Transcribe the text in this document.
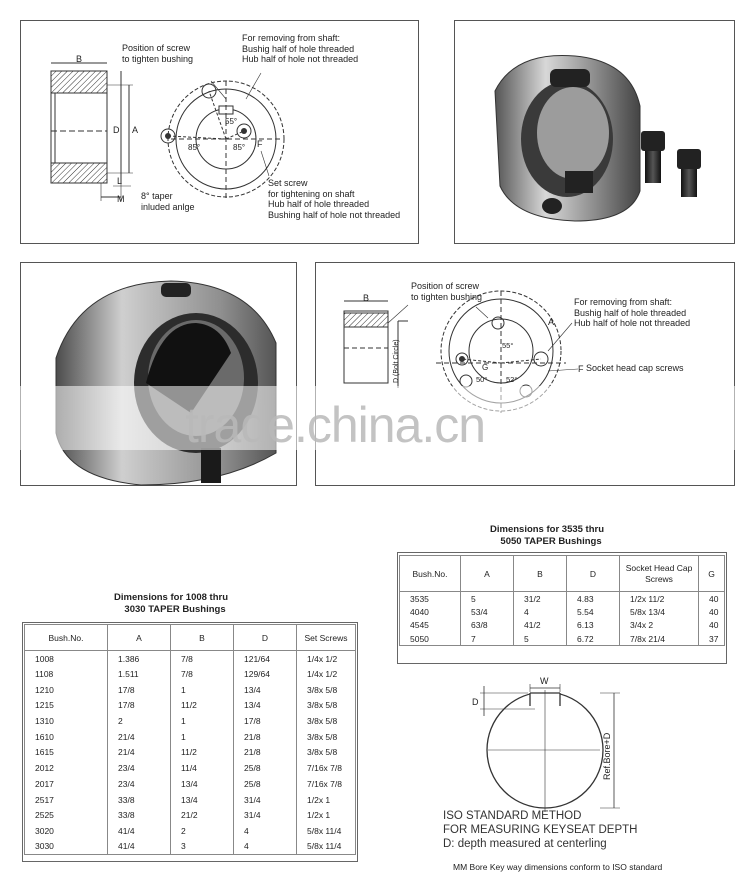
B
D A
L
M
F
55°
85°	85°
Position of screw
to tighten bushing
For removing from shaft:
Bushig half of hole threaded
Hub half of hole not threaded
Set screw
for tightening on shaft
Hub half of hole threaded
Bushing half of hole not threaded
8° taper
inluded anlge
B
D (Bolt Circle)
A
F
G
55°
50° 52°
Position of screw
to tighten bushing
For removing from shaft:
Bushig half of hole threaded
Hub half of hole not threaded
Socket head cap screws
trade.china.cn
Dimensions for 1008 thru
3030 TAPER Bushings
Bush.No.	A	B	D	Set Screws
1008	1.386	7/8	121/64	1/4x 1/2
1108	1.511	7/8	129/64	1/4x 1/2
1210	17/8	1	13/4	3/8x 5/8
1215	17/8	11/2	13/4	3/8x 5/8
1310	2	1	17/8	3/8x 5/8
1610	21/4	1	21/8	3/8x 5/8
1615	21/4	11/2	21/8	3/8x 5/8
2012	23/4	11/4	25/8	7/16x 7/8
2017	23/4	13/4	25/8	7/16x 7/8
2517	33/8	13/4	31/4	1/2x 1
2525	33/8	21/2	31/4	1/2x 1
3020	41/4	2	4	5/8x 11/4
3030	41/4	3	4	5/8x 11/4
Dimensions for 3535 thru
5050 TAPER Bushings
Bush.No.	A	B	D	Socket Head Cap Screws	G
3535	5	31/2	4.83	1/2x 11/2	40
4040	53/4	4	5.54	5/8x 13/4	40
4545	63/8	41/2	6.13	3/4x 2	40
5050	7	5	6.72	7/8x 21/4	37
W
D
Ref.Bore+D
ISO STANDARD METHOD
FOR MEASURING KEYSEAT DEPTH
D: depth measured at centerling
MM Bore Key way dimensions conform to ISO standard
